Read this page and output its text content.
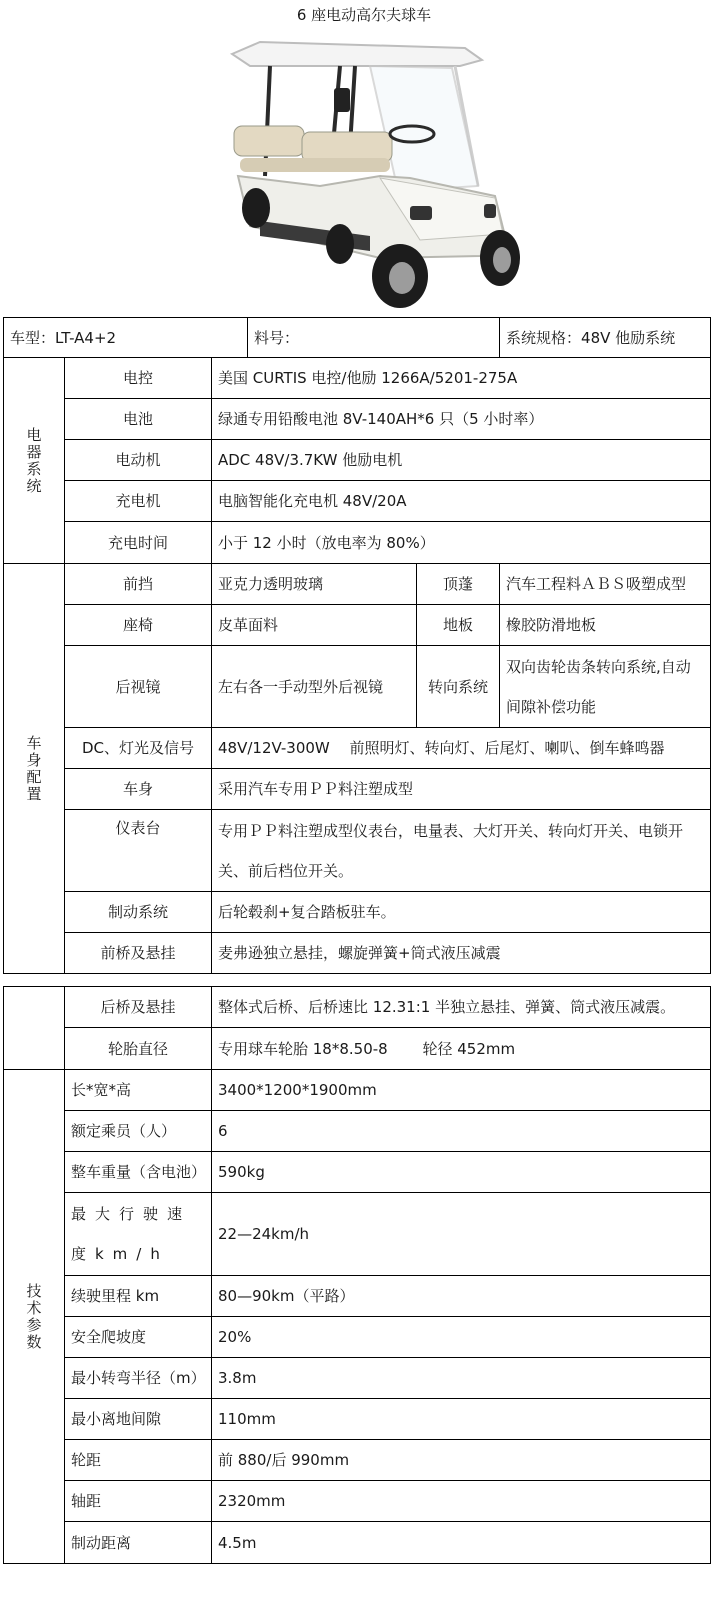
6 座电动高尔夫球车
车型：LT-A4+2			料号：		系统规格：48V 他励系统

电
器
系
统	电控	美国 CURTIS 电控/他励 1266A/5201-275A			
	电池	绿通专用铅酸电池 8V-140AH*6 只（5 小时率）			
	电动机	ADC 48V/3.7KW 他励电机			
	充电机	电脑智能化充电机 48V/20A			
	充电时间	小于 12 小时（放电率为 80%）			

车
身
配
置	前挡	亚克力透明玻璃		顶蓬	汽车工程料ＡＢＳ吸塑成型
	座椅	皮革面料		地板	橡胶防滑地板
	后视镜	左右各一手动型外后视镜		转向系统	双向齿轮齿条转向系统,自动间隙补偿功能
	DC、灯光及信号	48V/12V-300W　 前照明灯、转向灯、后尾灯、喇叭、倒车蜂鸣器			
	车身	采用汽车专用ＰＰ料注塑成型			
	仪表台	专用ＰＰ料注塑成型仪表台，电量表、大灯开关、转向灯开关、电锁开关、前后档位开关。			
	制动系统	后轮毂刹+复合踏板驻车。			
	前桥及悬挂	麦弗逊独立悬挂，螺旋弹簧+筒式液压减震			
	后桥及悬挂	整体式后桥、后桥速比 12.31:1 半独立悬挂、弹簧、筒式液压减震。
	轮胎直径	专用球车轮胎 18*8.50-8　　 轮径 452mm

技
术
参
数	长*宽*高	3400*1200*1900mm
	额定乘员（人）	6
	整车重量（含电池）	590kg
	最大行驶速度km/h	22—24km/h
	续驶里程 km	80—90km（平路）
	安全爬坡度	20%
	最小转弯半径（m）	3.8m
	最小离地间隙	110mm
	轮距	前 880/后 990mm
	轴距	2320mm
	制动距离	4.5m
